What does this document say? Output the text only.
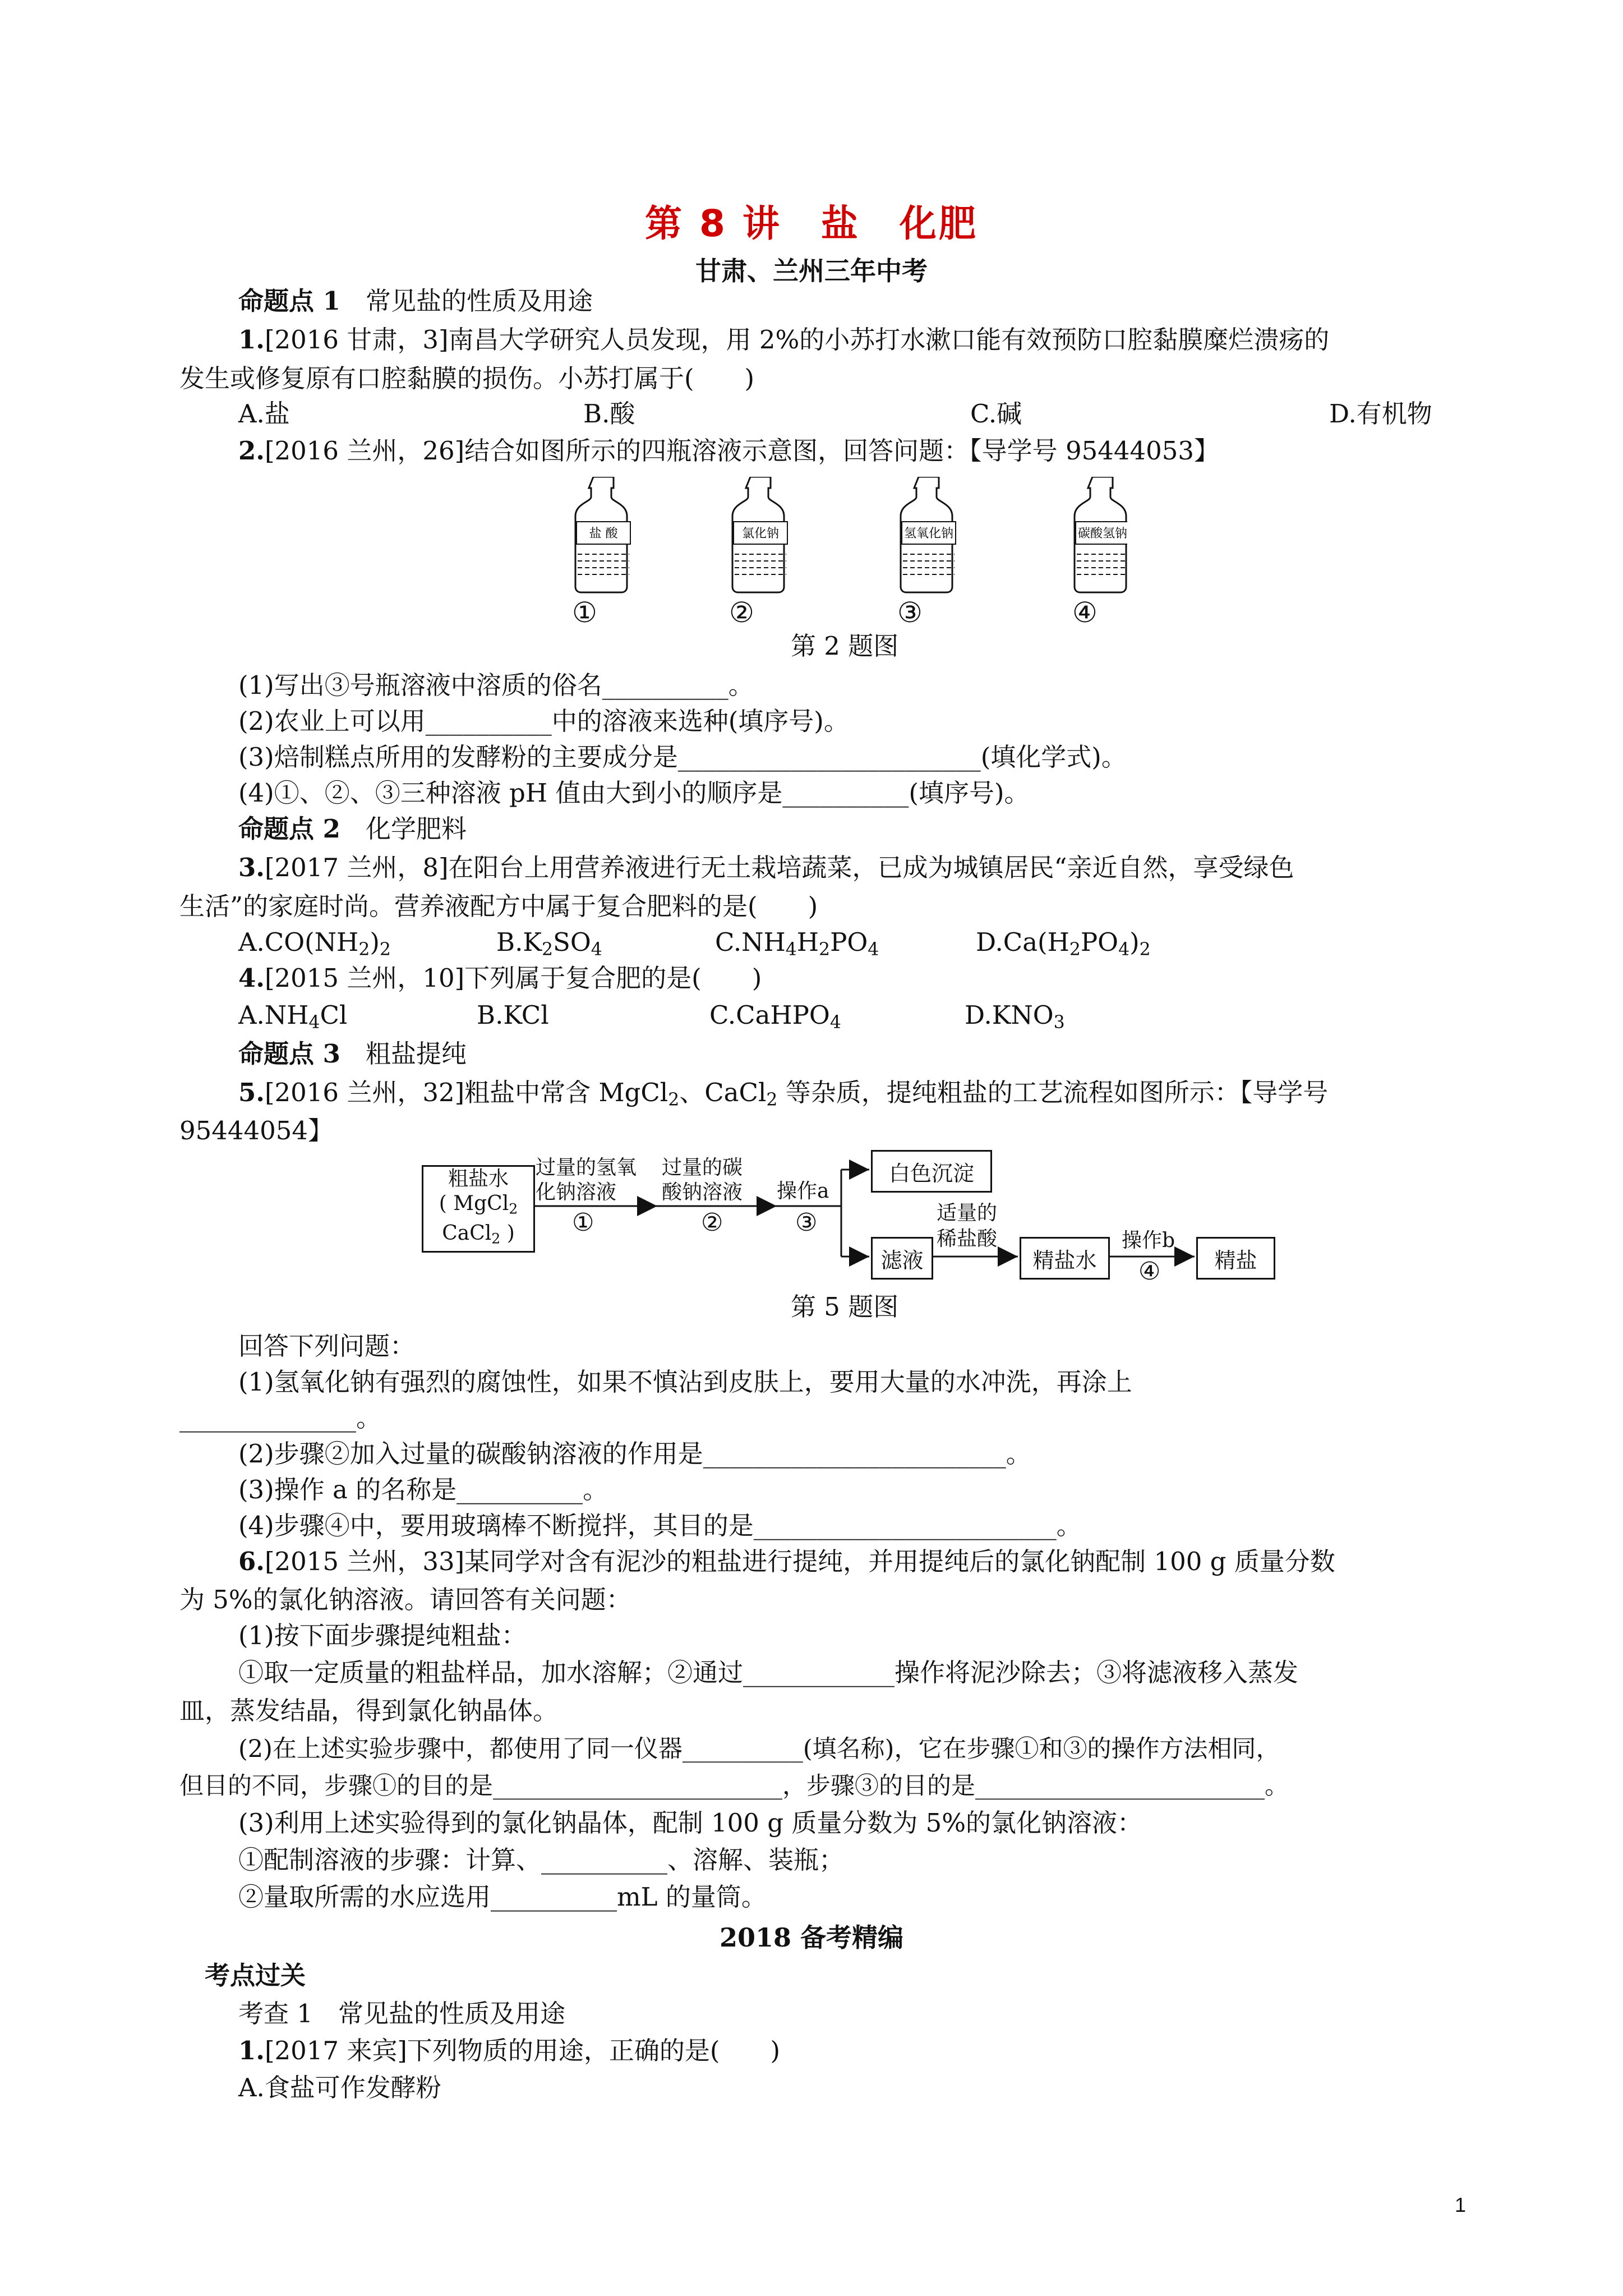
第 8 讲　盐　化肥
甘肃、兰州三年中考
命题点 1　 常见盐的性质及用途
1.[2016 甘肃，3]南昌大学研究人员发现，用 2%的小苏打水漱口能有效预防口腔黏膜糜烂溃疡的
发生或修复原有口腔黏膜的损伤。小苏打属于(　　)
A.盐	B.酸	C.碱	D.有机物
2.[2016 兰州，26]结合如图所示的四瓶溶液示意图，回答问题：【导学号 95444053】
盐 酸	氯化钠	氢氧化钠	碳酸氢钠
①	②	③	④
第 2 题图
(1)写出③号瓶溶液中溶质的俗名__________。
(2)农业上可以用__________中的溶液来选种(填序号)。
(3)焙制糕点所用的发酵粉的主要成分是________________________(填化学式)。
(4)①、②、③三种溶液 pH 值由大到小的顺序是__________(填序号)。
命题点 2　 化学肥料
3.[2017 兰州，8]在阳台上用营养液进行无土栽培蔬菜，已成为城镇居民“亲近自然，享受绿色
生活”的家庭时尚。营养液配方中属于复合肥料的是(　　)
$A.CO(NH_2)_2$	$B.K_2SO_4$	$C.NH_4H_2PO_4$	$D.Ca(H_2PO_4)_2$
4.[2015 兰州，10]下列属于复合肥的是(　　)
$A.NH_4Cl$	B.KCl	C.CaHPO$_4$	$D.KNO_3$
命题点 3　 粗盐提纯
5.[2016 兰州，32]粗盐中常含 MgCl$_2$、CaCl$_2$ 等杂质，提纯粗盐的工艺流程如图所示：【导学号
95444054】
粗盐水
( MgCl$_2$
CaCl$_2$ )
过量的氢氧
化钠溶液
①
过量的碳
酸钠溶液
②
操作a
③
白色沉淀
滤液
适量的
稀盐酸
精盐水
操作b
④	精盐
第 5 题图
回答下列问题：
(1)氢氧化钠有强烈的腐蚀性，如果不慎沾到皮肤上，要用大量的水冲洗，再涂上
______________。
(2)步骤②加入过量的碳酸钠溶液的作用是________________________。
(3)操作 a 的名称是__________。
(4)步骤④中，要用玻璃棒不断搅拌，其目的是________________________。
6.[2015 兰州，33]某同学对含有泥沙的粗盐进行提纯，并用提纯后的氯化钠配制 100 g 质量分数
为 5%的氯化钠溶液。请回答有关问题：
(1)按下面步骤提纯粗盐：
①取一定质量的粗盐样品，加水溶解；②通过____________操作将泥沙除去；③将滤液移入蒸发
皿，蒸发结晶，得到氯化钠晶体。
(2)在上述实验步骤中，都使用了同一仪器__________(填名称)，它在步骤①和③的操作方法相同，
但目的不同，步骤①的目的是________________________，步骤③的目的是________________________。
(3)利用上述实验得到的氯化钠晶体，配制 100 g 质量分数为 5%的氯化钠溶液：
①配制溶液的步骤：计算、__________、溶解、装瓶；
②量取所需的水应选用__________mL 的量筒。
2018 备考精编
考点过关
考查 1　 常见盐的性质及用途
1.[2017 来宾]下列物质的用途，正确的是(　　)
A.食盐可作发酵粉
1
